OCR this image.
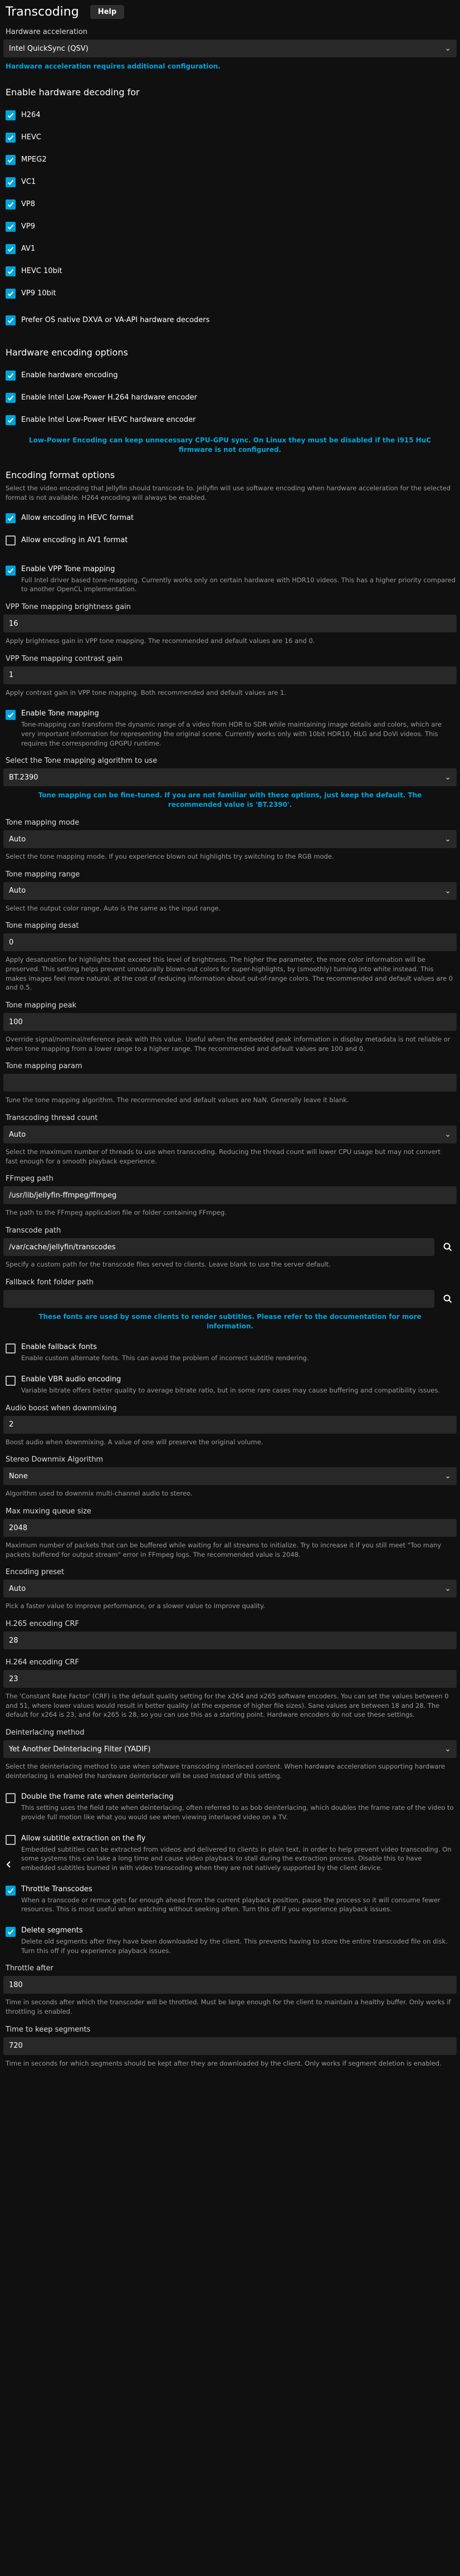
Transcoding	Help
Hardware acceleration
Intel QuickSync (QSV)	⌄
Hardware acceleration requires additional configuration.
Enable hardware decoding for
H264
HEVC
MPEG2
VC1
VP8
VP9
AV1
HEVC 10bit
VP9 10bit
Prefer OS native DXVA or VA-API hardware decoders
Hardware encoding options
Enable hardware encoding
Enable Intel Low-Power H.264 hardware encoder
Enable Intel Low-Power HEVC hardware encoder
Low-Power Encoding can keep unnecessary CPU-GPU sync. On Linux they must be disabled if the i915 HuC firmware is not configured.
Encoding format options
Select the video encoding that Jellyfin should transcode to. Jellyfin will use software encoding when hardware acceleration for the selected format is not available. H264 encoding will always be enabled.
Allow encoding in HEVC format
Allow encoding in AV1 format
Enable VPP Tone mapping
Full Intel driver based tone-mapping. Currently works only on certain hardware with HDR10 videos. This has a higher priority compared to another OpenCL implementation.
VPP Tone mapping brightness gain
16
Apply brightness gain in VPP tone mapping. The recommended and default values are 16 and 0.
VPP Tone mapping contrast gain
1
Apply contrast gain in VPP tone mapping. Both recommended and default values are 1.
Enable Tone mapping
Tone-mapping can transform the dynamic range of a video from HDR to SDR while maintaining image details and colors, which are very important information for representing the original scene. Currently works only with 10bit HDR10, HLG and DoVi videos. This requires the corresponding GPGPU runtime.
Select the Tone mapping algorithm to use
BT.2390	⌄
Tone mapping can be fine-tuned. If you are not familiar with these options, just keep the default. The recommended value is 'BT.2390'.
Tone mapping mode
Auto	⌄
Select the tone mapping mode. If you experience blown out highlights try switching to the RGB mode.
Tone mapping range
Auto	⌄
Select the output color range. Auto is the same as the input range.
Tone mapping desat
0
Apply desaturation for highlights that exceed this level of brightness. The higher the parameter, the more color information will be preserved. This setting helps prevent unnaturally blown-out colors for super-highlights, by (smoothly) turning into white instead. This makes images feel more natural, at the cost of reducing information about out-of-range colors. The recommended and default values are 0 and 0.5.
Tone mapping peak
100
Override signal/nominal/reference peak with this value. Useful when the embedded peak information in display metadata is not reliable or when tone mapping from a lower range to a higher range. The recommended and default values are 100 and 0.
Tone mapping param
Tune the tone mapping algorithm. The recommended and default values are NaN. Generally leave it blank.
Transcoding thread count
Auto	⌄
Select the maximum number of threads to use when transcoding. Reducing the thread count will lower CPU usage but may not convert fast enough for a smooth playback experience.
FFmpeg path
/usr/lib/jellyfin-ffmpeg/ffmpeg
The path to the FFmpeg application file or folder containing FFmpeg.
Transcode path
/var/cache/jellyfin/transcodes
Specify a custom path for the transcode files served to clients. Leave blank to use the server default.
Fallback font folder path
These fonts are used by some clients to render subtitles. Please refer to the documentation for more information.
Enable fallback fonts
Enable custom alternate fonts. This can avoid the problem of incorrect subtitle rendering.
Enable VBR audio encoding
Variable bitrate offers better quality to average bitrate ratio, but in some rare cases may cause buffering and compatibility issues.
Audio boost when downmixing
2
Boost audio when downmixing. A value of one will preserve the original volume.
Stereo Downmix Algorithm
None	⌄
Algorithm used to downmix multi-channel audio to stereo.
Max muxing queue size
2048
Maximum number of packets that can be buffered while waiting for all streams to initialize. Try to increase it if you still meet "Too many packets buffered for output stream" error in FFmpeg logs. The recommended value is 2048.
Encoding preset
Auto	⌄
Pick a faster value to improve performance, or a slower value to improve quality.
H.265 encoding CRF
28
H.264 encoding CRF
23
The 'Constant Rate Factor' (CRF) is the default quality setting for the x264 and x265 software encoders. You can set the values between 0 and 51, where lower values would result in better quality (at the expense of higher file sizes). Sane values are between 18 and 28. The default for x264 is 23, and for x265 is 28, so you can use this as a starting point. Hardware encoders do not use these settings.
Deinterlacing method
Yet Another DeInterlacing Filter (YADIF)	⌄
Select the deinterlacing method to use when software transcoding interlaced content. When hardware acceleration supporting hardware deinterlacing is enabled the hardware deinterlacer will be used instead of this setting.
Double the frame rate when deinterlacing
This setting uses the field rate when deinterlacing, often referred to as bob deinterlacing, which doubles the frame rate of the video to provide full motion like what you would see when viewing interlaced video on a TV.
Allow subtitle extraction on the fly
Embedded subtitles can be extracted from videos and delivered to clients in plain text, in order to help prevent video transcoding. On some systems this can take a long time and cause video playback to stall during the extraction process. Disable this to have embedded subtitles burned in with video transcoding when they are not natively supported by the client device.
Throttle Transcodes
When a transcode or remux gets far enough ahead from the current playback position, pause the process so it will consume fewer resources. This is most useful when watching without seeking often. Turn this off if you experience playback issues.
Delete segments
Delete old segments after they have been downloaded by the client. This prevents having to store the entire transcoded file on disk. Turn this off if you experience playback issues.
Throttle after
180
Time in seconds after which the transcoder will be throttled. Must be large enough for the client to maintain a healthy buffer. Only works if throttling is enabled.
Time to keep segments
720
Time in seconds for which segments should be kept after they are downloaded by the client. Only works if segment deletion is enabled.
